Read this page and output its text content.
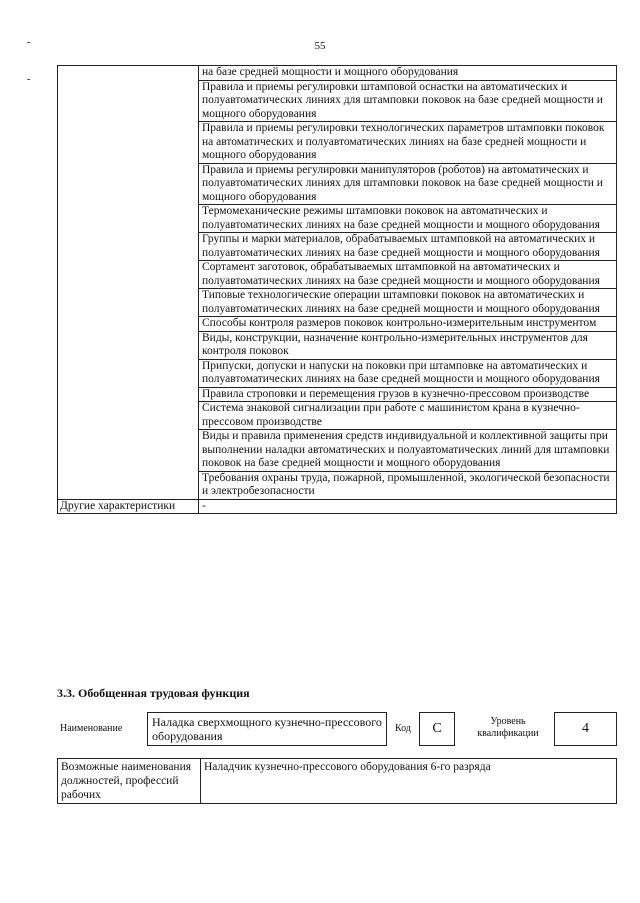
55
-
-
	на базе средней мощности и мощного оборудования
	Правила и приемы регулировки штамповой оснастки на автоматических и полуавтоматических линиях для штамповки поковок на базе средней мощности и мощного оборудования
	Правила и приемы регулировки технологических параметров штамповки поковок на автоматических и полуавтоматических линиях на базе средней мощности и мощного оборудования
	Правила и приемы регулировки манипуляторов (роботов) на автоматических и полуавтоматических линиях для штамповки поковок на базе средней мощности и мощного оборудования
	Термомеханические режимы штамповки поковок на автоматических и полуавтоматических линиях на базе средней мощности и мощного оборудования
	Группы и марки материалов, обрабатываемых штамповкой на автоматических и полуавтоматических линиях на базе средней мощности и мощного оборудования
	Сортамент заготовок, обрабатываемых штамповкой на автоматических и полуавтоматических линиях на базе средней мощности и мощного оборудования
	Типовые технологические операции штамповки поковок на автоматических и полуавтоматических линиях на базе средней мощности и мощного оборудования
	Способы контроля размеров поковок контрольно-измерительным инструментом
	Виды, конструкции, назначение контрольно-измерительных инструментов для контроля поковок
	Припуски, допуски и напуски на поковки при штамповке на автоматических и полуавтоматических линиях на базе средней мощности и мощного оборудования
	Правила строповки и перемещения грузов в кузнечно-прессовом производстве
	Система знаковой сигнализации при работе с машинистом крана в кузнечно-прессовом производстве
	Виды и правила применения средств индивидуальной и коллективной защиты при выполнении наладки автоматических и полуавтоматических линий для штамповки поковок на базе средней мощности и мощного оборудования
	Требования охраны труда, пожарной, промышленной, экологической безопасности и электробезопасности
Другие характеристики	-
3.3. Обобщенная трудовая функция
Наименование	Наладка сверхмощного кузнечно-прессового оборудования
Код	С	Уровень квалификации	4
Возможные наименования должностей, профессий рабочих	Наладчик кузнечно-прессового оборудования 6-го разряда
